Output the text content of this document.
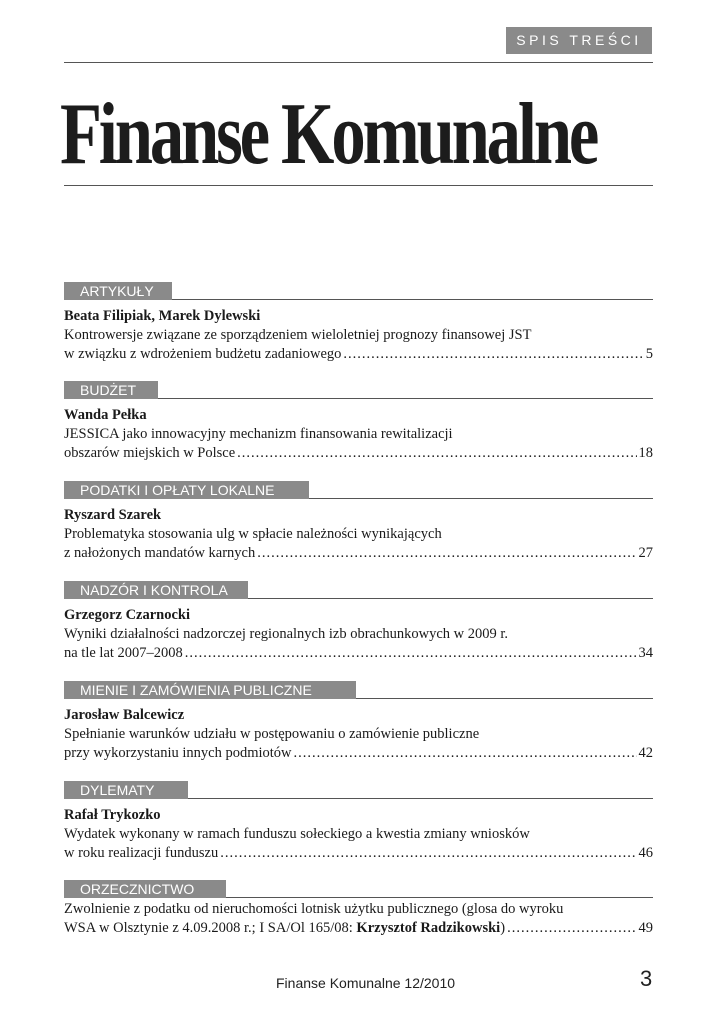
SPIS TREŚCI
Finanse Komunalne
ARTYKUŁY
Beata Filipiak, Marek Dylewski
Kontrowersje związane ze sporządzeniem wieloletniej prognozy finansowej JST
w związku z wdrożeniem budżetu zadaniowego .....	5
BUDŻET
Wanda Pełka
JESSICA jako innowacyjny mechanizm finansowania rewitalizacji
obszarów miejskich w Polsce .....	18
PODATKI I OPŁATY LOKALNE
Ryszard Szarek
Problematyka stosowania ulg w spłacie należności wynikających
z nałożonych mandatów karnych .....	27
NADZÓR I KONTROLA
Grzegorz Czarnocki
Wyniki działalności nadzorczej regionalnych izb obrachunkowych w 2009 r.
na tle lat 2007–2008 .....	34
MIENIE I ZAMÓWIENIA PUBLICZNE
Jarosław Balcewicz
Spełnianie warunków udziału w postępowaniu o zamówienie publiczne
przy wykorzystaniu innych podmiotów .....	42
DYLEMATY
Rafał Trykozko
Wydatek wykonany w ramach funduszu sołeckiego a kwestia zmiany wniosków
w roku realizacji funduszu .....	46
ORZECZNICTWO
Zwolnienie z podatku od nieruchomości lotnisk użytku publicznego (glosa do wyroku
WSA w Olsztynie z 4.09.2008 r.; I SA/Ol 165/08: Krzysztof Radzikowski) .....	49
Finanse Komunalne 12/2010	3
